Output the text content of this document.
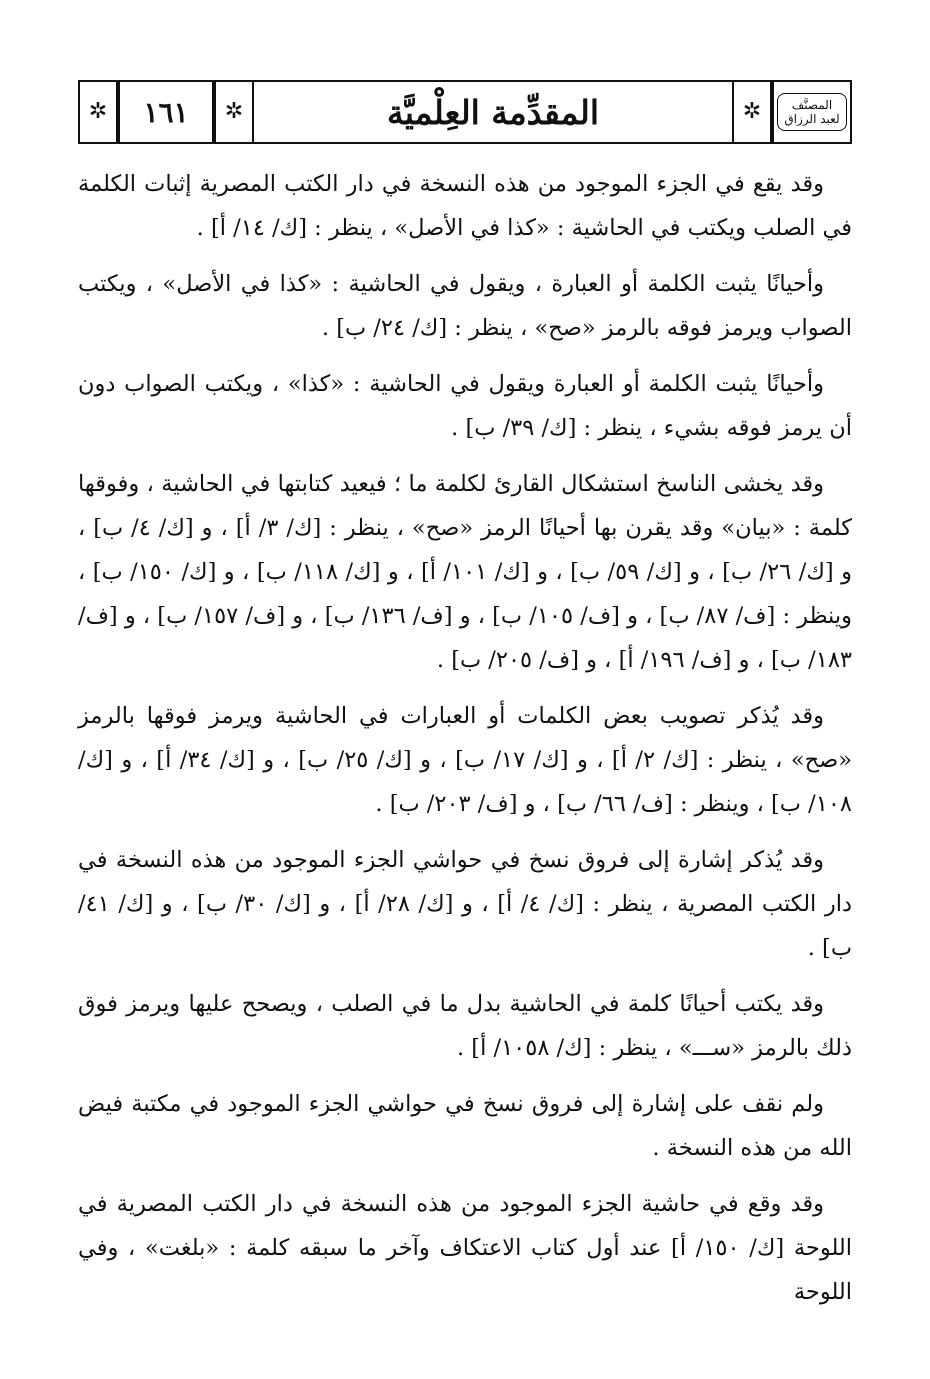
✲	١٦١	✲	المقدِّمة العِلْميَّة	✲	المصنَّف
لعبد الرزاق

وقد يقع في الجزء الموجود من هذه النسخة في دار الكتب المصرية إثبات الكلمة في الصلب ويكتب في الحاشية : «كذا في الأصل» ، ينظر : [ك/ ١٤/ أ] .

وأحيانًا يثبت الكلمة أو العبارة ، ويقول في الحاشية : «كذا في الأصل» ، ويكتب الصواب ويرمز فوقه بالرمز «صح» ، ينظر : [ك/ ٢٤/ ب] .

وأحيانًا يثبت الكلمة أو العبارة ويقول في الحاشية : «كذا» ، ويكتب الصواب دون أن يرمز فوقه بشيء ، ينظر : [ك/ ٣٩/ ب] .

وقد يخشى الناسخ استشكال القارئ لكلمة ما ؛ فيعيد كتابتها في الحاشية ، وفوقها كلمة : «بيان» وقد يقرن بها أحيانًا الرمز «صح» ، ينظر : [ك/ ٣/ أ] ، و [ك/ ٤/ ب] ، و [ك/ ٢٦/ ب] ، و [ك/ ٥٩/ ب] ، و [ك/ ١٠١/ أ] ، و [ك/ ١١٨/ ب] ، و [ك/ ١٥٠/ ب] ، وينظر : [ف/ ٨٧/ ب] ، و [ف/ ١٠٥/ ب] ، و [ف/ ١٣٦/ ب] ، و [ف/ ١٥٧/ ب] ، و [ف/ ١٨٣/ ب] ، و [ف/ ١٩٦/ أ] ، و [ف/ ٢٠٥/ ب] .

وقد يُذكر تصويب بعض الكلمات أو العبارات في الحاشية ويرمز فوقها بالرمز «صح» ، ينظر : [ك/ ٢/ أ] ، و [ك/ ١٧/ ب] ، و [ك/ ٢٥/ ب] ، و [ك/ ٣٤/ أ] ، و [ك/ ١٠٨/ ب] ، وينظر : [ف/ ٦٦/ ب] ، و [ف/ ٢٠٣/ ب] .

وقد يُذكر إشارة إلى فروق نسخ في حواشي الجزء الموجود من هذه النسخة في دار الكتب المصرية ، ينظر : [ك/ ٤/ أ] ، و [ك/ ٢٨/ أ] ، و [ك/ ٣٠/ ب] ، و [ك/ ٤١/ ب] .

وقد يكتب أحيانًا كلمة في الحاشية بدل ما في الصلب ، ويصحح عليها ويرمز فوق ذلك بالرمز «ســـ» ، ينظر : [ك/ ١٠٥٨/ أ] .

ولم نقف على إشارة إلى فروق نسخ في حواشي الجزء الموجود في مكتبة فيض الله من هذه النسخة .

وقد وقع في حاشية الجزء الموجود من هذه النسخة في دار الكتب المصرية في اللوحة [ك/ ١٥٠/ أ] عند أول كتاب الاعتكاف وآخر ما سبقه كلمة : «بلغت» ، وفي اللوحة
